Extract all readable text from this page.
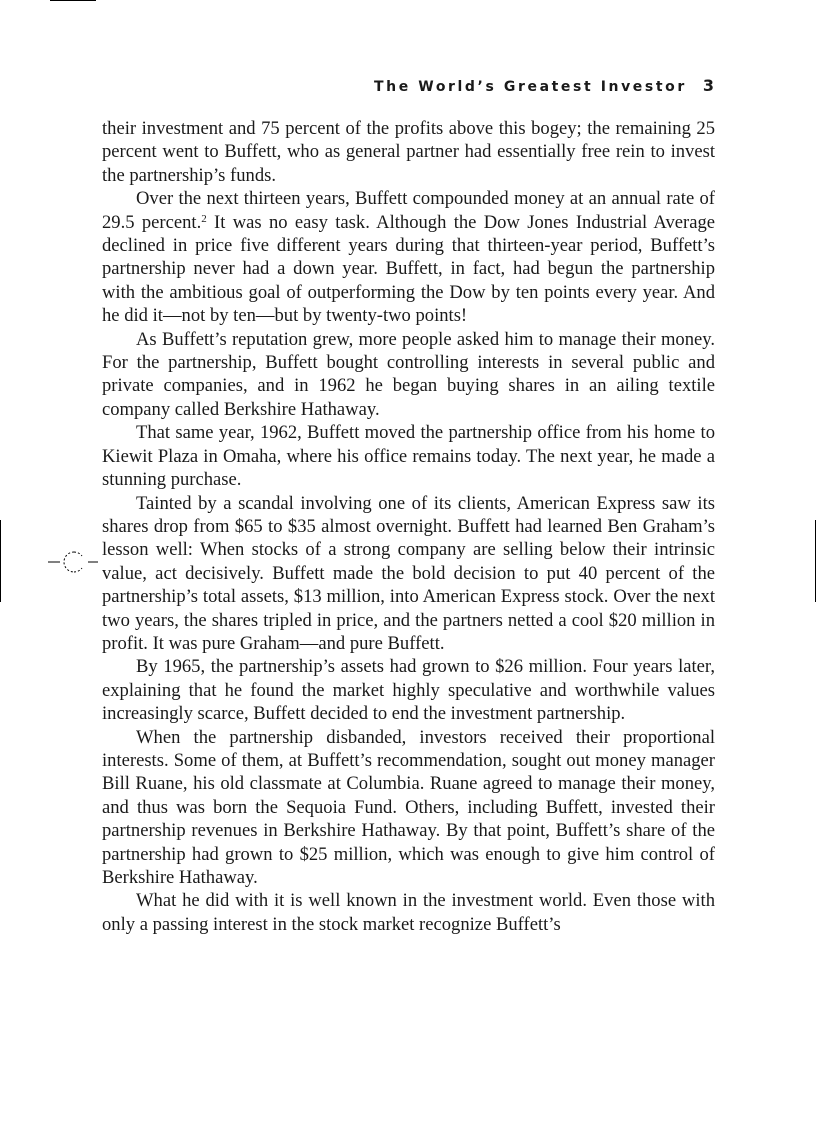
The World’s Greatest Investor 3

their investment and 75 percent of the profits above this bogey; the remaining 25 percent went to Buffett, who as general partner had essentially free rein to invest the partnership’s funds.

Over the next thirteen years, Buffett compounded money at an annual rate of 29.5 percent.$^2$ It was no easy task. Although the Dow Jones Industrial Average declined in price five different years during that thirteen-year period, Buffett’s partnership never had a down year. Buffett, in fact, had begun the partnership with the ambitious goal of outperforming the Dow by ten points every year. And he did it—not by ten—but by twenty-two points!

As Buffett’s reputation grew, more people asked him to manage their money. For the partnership, Buffett bought controlling interests in several public and private companies, and in 1962 he began buying shares in an ailing textile company called Berkshire Hathaway.

That same year, 1962, Buffett moved the partnership office from his home to Kiewit Plaza in Omaha, where his office remains today. The next year, he made a stunning purchase.

Tainted by a scandal involving one of its clients, American Express saw its shares drop from $65 to $35 almost overnight. Buffett had learned Ben Graham’s lesson well: When stocks of a strong company are selling below their intrinsic value, act decisively. Buffett made the bold decision to put 40 percent of the partnership’s total assets, $13 million, into American Express stock. Over the next two years, the shares tripled in price, and the partners netted a cool $20 million in profit. It was pure Graham—and pure Buffett.

By 1965, the partnership’s assets had grown to $26 million. Four years later, explaining that he found the market highly speculative and worthwhile values increasingly scarce, Buffett decided to end the investment partnership.

When the partnership disbanded, investors received their proportional interests. Some of them, at Buffett’s recommendation, sought out money manager Bill Ruane, his old classmate at Columbia. Ruane agreed to manage their money, and thus was born the Sequoia Fund. Others, including Buffett, invested their partnership revenues in Berkshire Hathaway. By that point, Buffett’s share of the partnership had grown to $25 million, which was enough to give him control of Berkshire Hathaway.

What he did with it is well known in the investment world. Even those with only a passing interest in the stock market recognize Buffett’s
